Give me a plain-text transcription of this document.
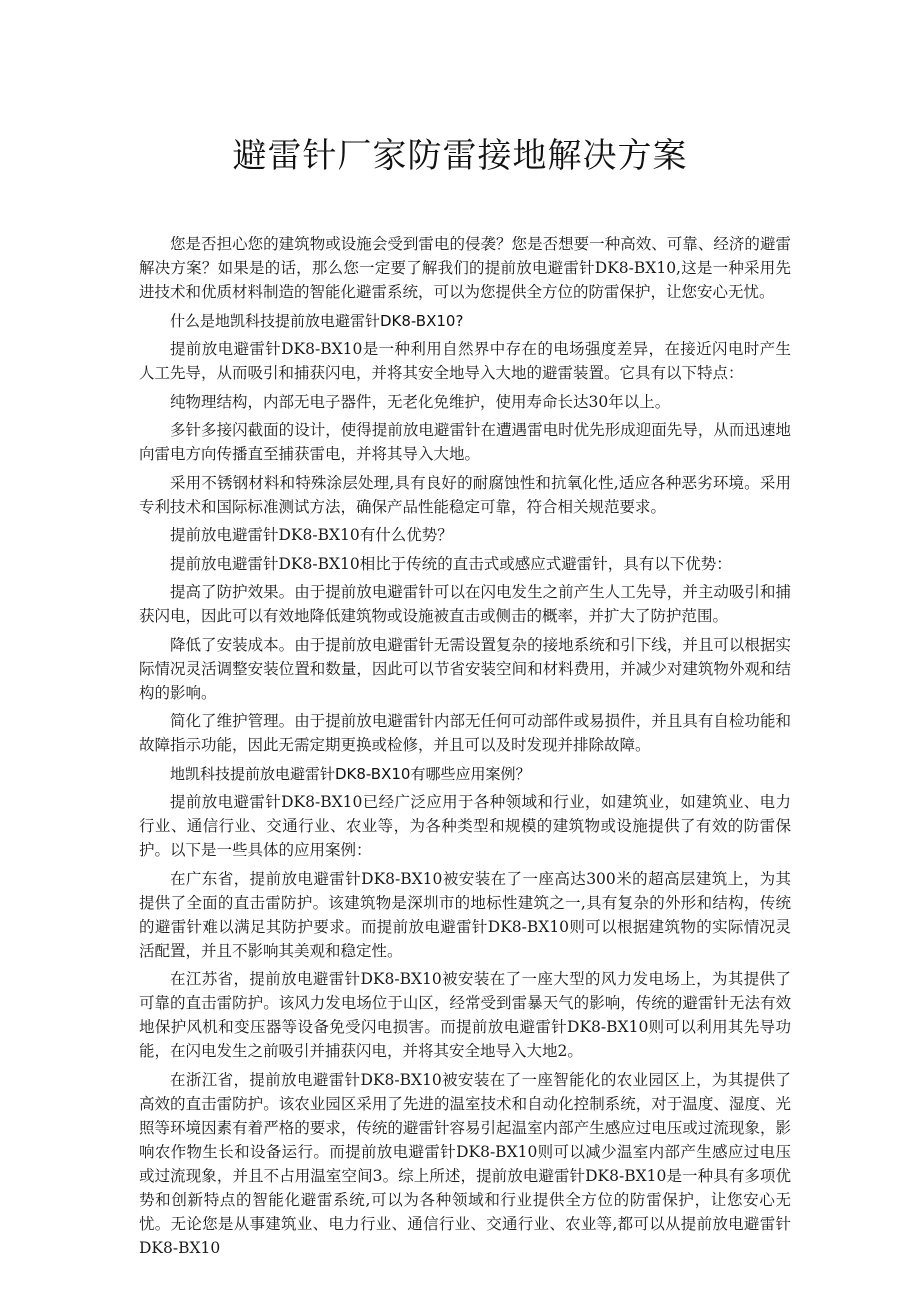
避雷针厂家防雷接地解决方案

您是否担心您的建筑物或设施会受到雷电的侵袭？您是否想要一种高效、可靠、经济的避雷解决方案？如果是的话，那么您一定要了解我们的提前放电避雷针DK8-BX10,这是一种采用先进技术和优质材料制造的智能化避雷系统，可以为您提供全方位的防雷保护，让您安心无忧。

什么是地凯科技提前放电避雷针DK8-BX10?

提前放电避雷针DK8-BX10是一种利用自然界中存在的电场强度差异，在接近闪电时产生人工先导，从而吸引和捕获闪电，并将其安全地导入大地的避雷装置。它具有以下特点：

纯物理结构，内部无电子器件，无老化免维护，使用寿命长达30年以上。

多针多接闪截面的设计，使得提前放电避雷针在遭遇雷电时优先形成迎面先导，从而迅速地向雷电方向传播直至捕获雷电，并将其导入大地。

采用不锈钢材料和特殊涂层处理,具有良好的耐腐蚀性和抗氧化性,适应各种恶劣环境。采用专利技术和国际标准测试方法，确保产品性能稳定可靠，符合相关规范要求。

提前放电避雷针DK8-BX10有什么优势？

提前放电避雷针DK8-BX10相比于传统的直击式或感应式避雷针，具有以下优势：

提高了防护效果。由于提前放电避雷针可以在闪电发生之前产生人工先导，并主动吸引和捕获闪电，因此可以有效地降低建筑物或设施被直击或侧击的概率，并扩大了防护范围。

降低了安装成本。由于提前放电避雷针无需设置复杂的接地系统和引下线，并且可以根据实际情况灵活调整安装位置和数量，因此可以节省安装空间和材料费用，并减少对建筑物外观和结构的影响。

简化了维护管理。由于提前放电避雷针内部无任何可动部件或易损件，并且具有自检功能和故障指示功能，因此无需定期更换或检修，并且可以及时发现并排除故障。

地凯科技提前放电避雷针DK8-BX10有哪些应用案例？

提前放电避雷针DK8-BX10已经广泛应用于各种领域和行业，如建筑业，如建筑业、电力行业、通信行业、交通行业、农业等，为各种类型和规模的建筑物或设施提供了有效的防雷保护。以下是一些具体的应用案例：

在广东省，提前放电避雷针DK8-BX10被安装在了一座高达300米的超高层建筑上，为其提供了全面的直击雷防护。该建筑物是深圳市的地标性建筑之一,具有复杂的外形和结构，传统的避雷针难以满足其防护要求。而提前放电避雷针DK8-BX10则可以根据建筑物的实际情况灵活配置，并且不影响其美观和稳定性。

在江苏省，提前放电避雷针DK8-BX10被安装在了一座大型的风力发电场上，为其提供了可靠的直击雷防护。该风力发电场位于山区，经常受到雷暴天气的影响，传统的避雷针无法有效地保护风机和变压器等设备免受闪电损害。而提前放电避雷针DK8-BX10则可以利用其先导功能，在闪电发生之前吸引并捕获闪电，并将其安全地导入大地2。

在浙江省，提前放电避雷针DK8-BX10被安装在了一座智能化的农业园区上，为其提供了高效的直击雷防护。该农业园区采用了先进的温室技术和自动化控制系统，对于温度、湿度、光照等环境因素有着严格的要求，传统的避雷针容易引起温室内部产生感应过电压或过流现象，影响农作物生长和设备运行。而提前放电避雷针DK8-BX10则可以减少温室内部产生感应过电压或过流现象，并且不占用温室空间3。综上所述，提前放电避雷针DK8-BX10是一种具有多项优势和创新特点的智能化避雷系统,可以为各种领域和行业提供全方位的防雷保护，让您安心无忧。无论您是从事建筑业、电力行业、通信行业、交通行业、农业等,都可以从提前放电避雷针DK8-BX10
